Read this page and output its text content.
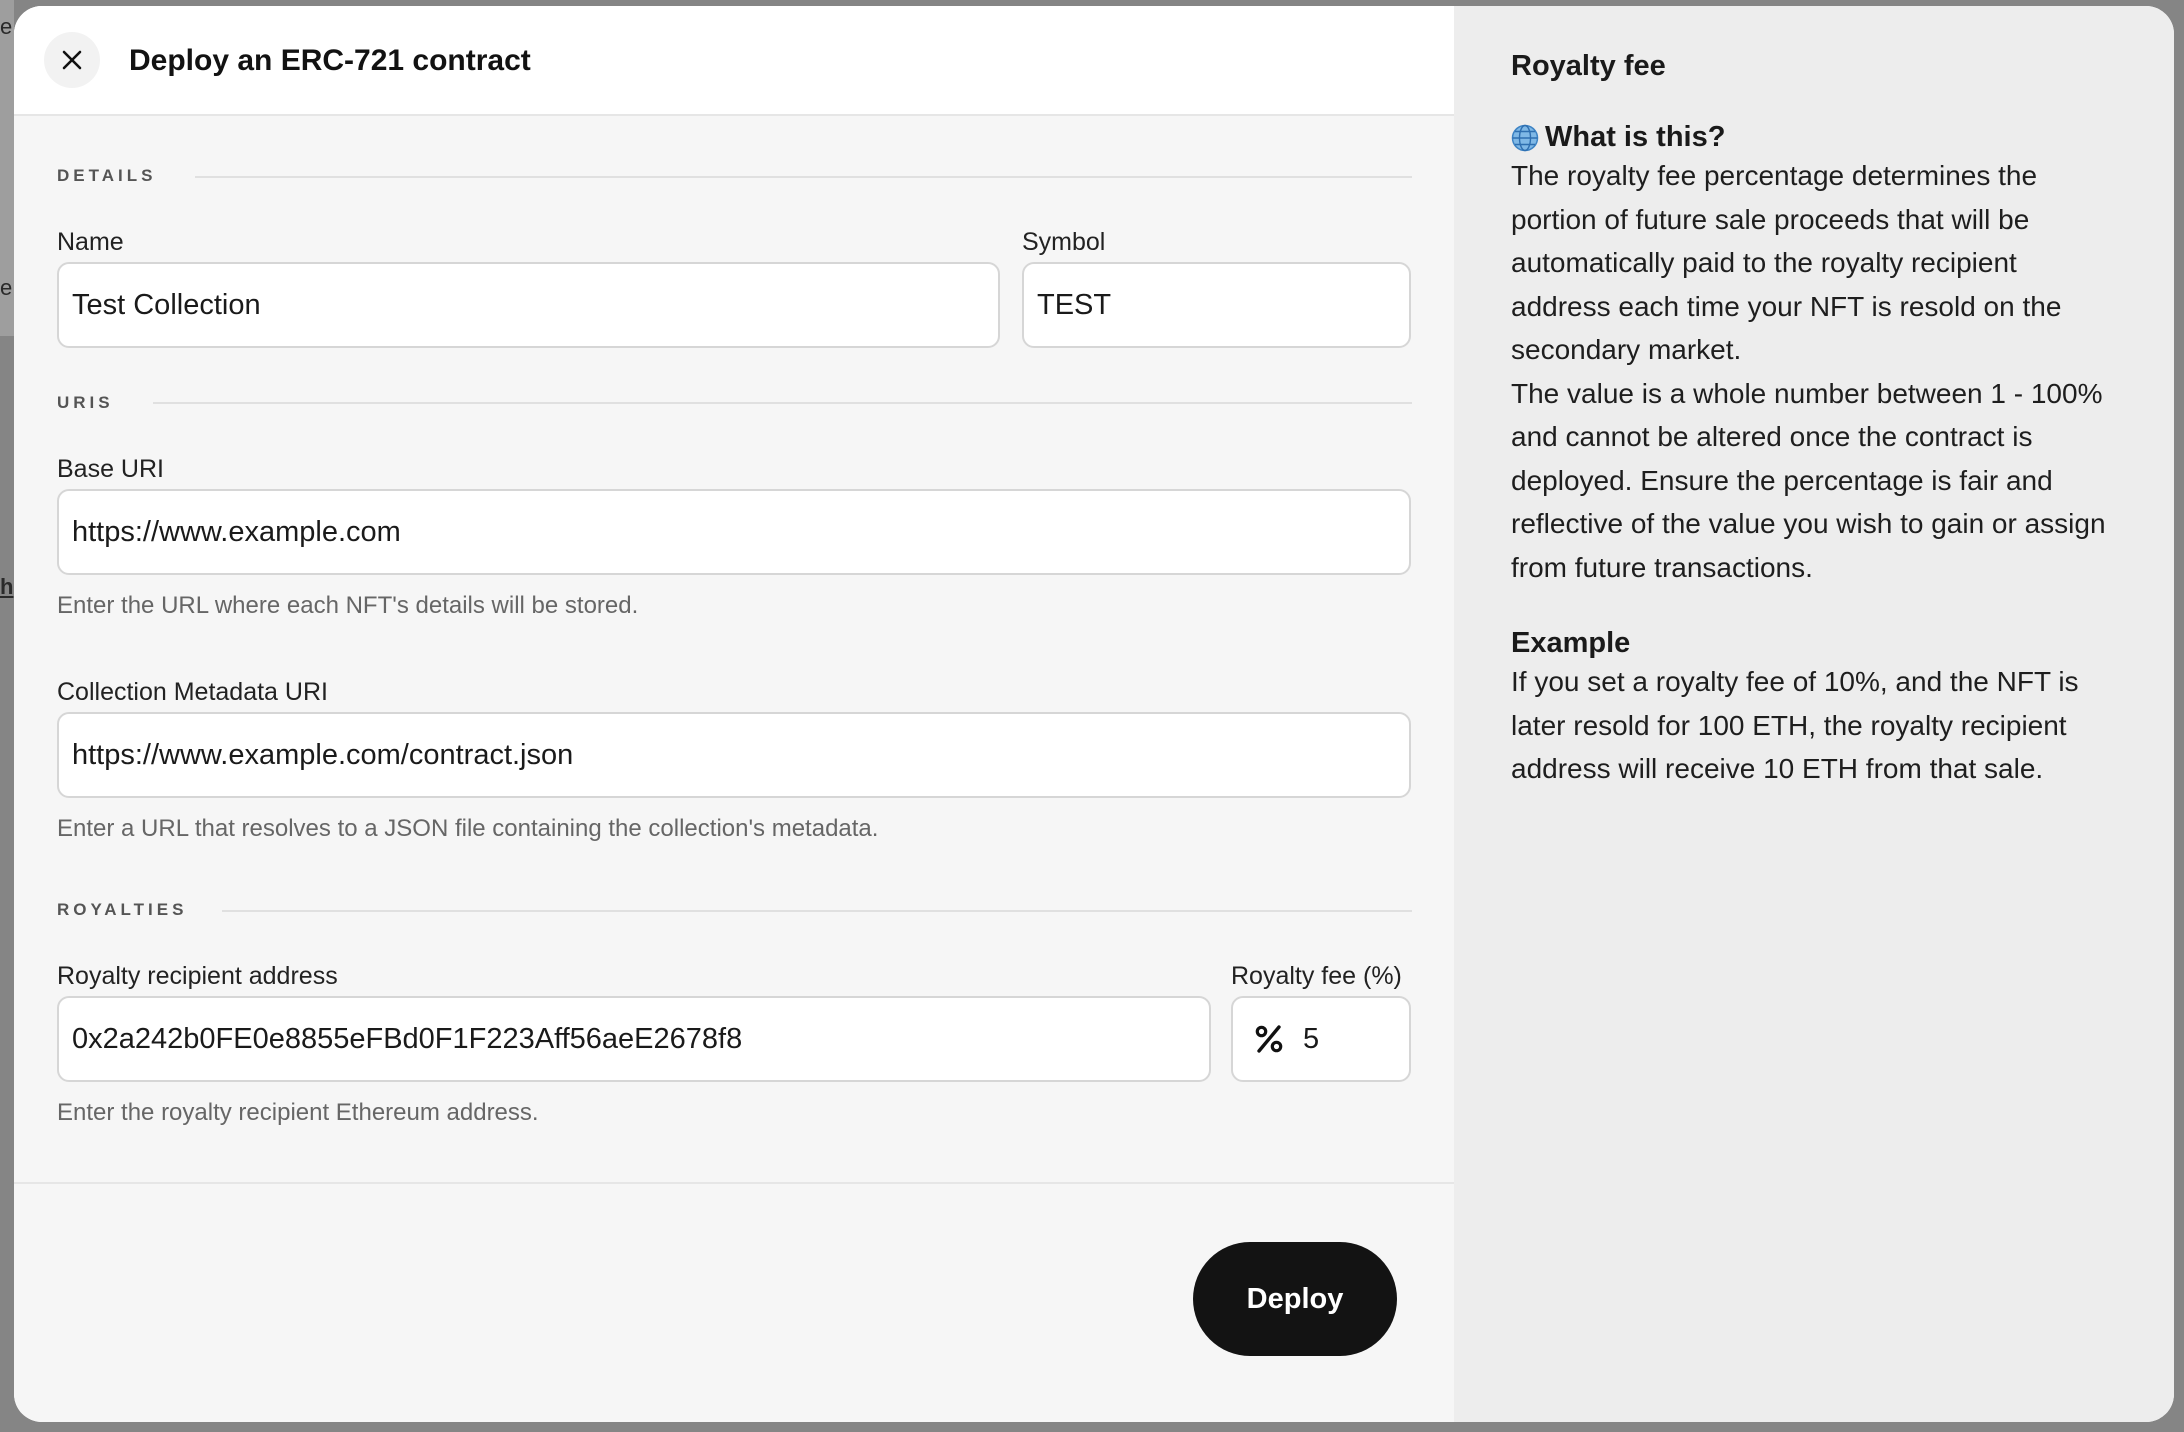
e
e
h
Deploy an ERC-721 contract
DETAILS
Name
Test Collection	Symbol
TEST
URIS
Base URI
https://www.example.com
Enter the URL where each NFT's details will be stored.
Collection Metadata URI
https://www.example.com/contract.json
Enter a URL that resolves to a JSON file containing the collection's metadata.
ROYALTIES
Royalty recipient address
0x2a242b0FE0e8855eFBd0F1F223Aff56aeE2678f8
Enter the royalty recipient Ethereum address.
Royalty fee (%)
5
Deploy
Royalty fee
What is this?

The royalty fee percentage determines the portion of future sale proceeds that will be automatically paid to the royalty recipient address each time your NFT is resold on the secondary market.

The value is a whole number between 1 - 100% and cannot be altered once the contract is deployed. Ensure the percentage is fair and reflective of the value you wish to gain or assign from future transactions.

Example

If you set a royalty fee of 10%, and the NFT is later resold for 100 ETH, the royalty recipient address will receive 10 ETH from that sale.
